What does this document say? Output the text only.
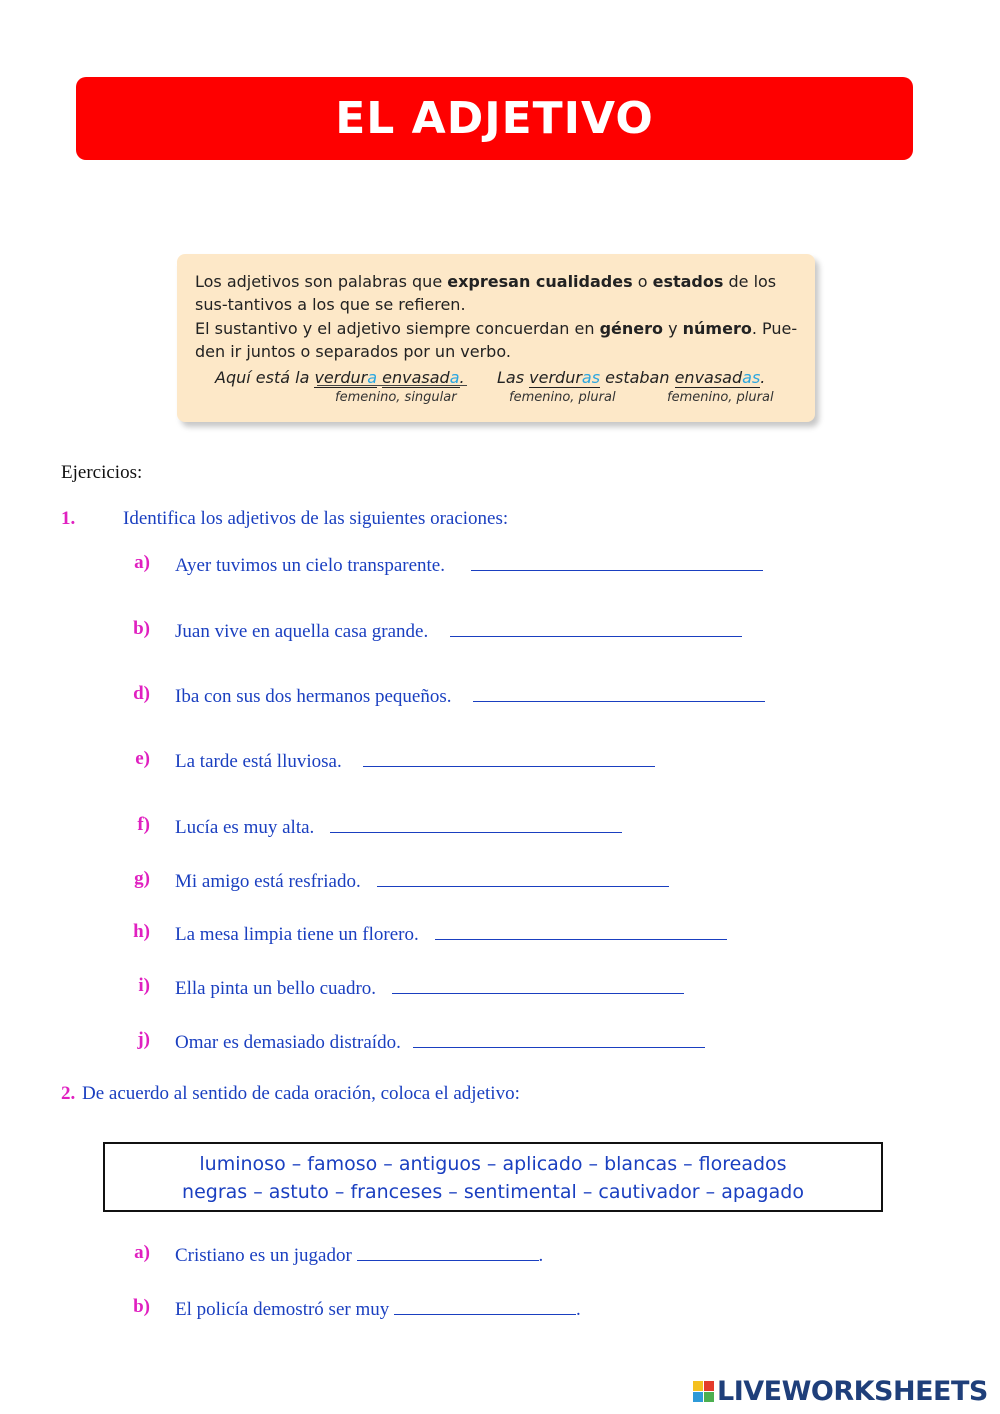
EL ADJETIVO

Los adjetivos son palabras que expresan cualidades o estados de los sus-tantivos a los que se refieren.

El sustantivo y el adjetivo siempre concuerdan en género y número. Pue-den ir juntos o separados por un verbo.

Aquí está la verdura envasada. Las verduras estaban envasadas.
femenino, singular	femenino, plural	femenino, plural
Ejercicios:
1.	Identifica los adjetivos de las siguientes oraciones:
a) Ayer tuvimos un cielo transparente.
b) Juan vive en aquella casa grande.
d) Iba con sus dos hermanos pequeños.
e) La tarde está lluviosa.
f) Lucía es muy alta.
g) Mi amigo está resfriado.
h) La mesa limpia tiene un florero.
i) Ella pinta un bello cuadro.
j) Omar es demasiado distraído.
2. De acuerdo al sentido de cada oración, coloca el adjetivo:
luminoso – famoso – antiguos – aplicado – blancas – floreados
negras – astuto – franceses – sentimental – cautivador – apagado
a) Cristiano es un jugador	.
b) El policía demostró ser muy	.
LIVEWORKSHEETS
